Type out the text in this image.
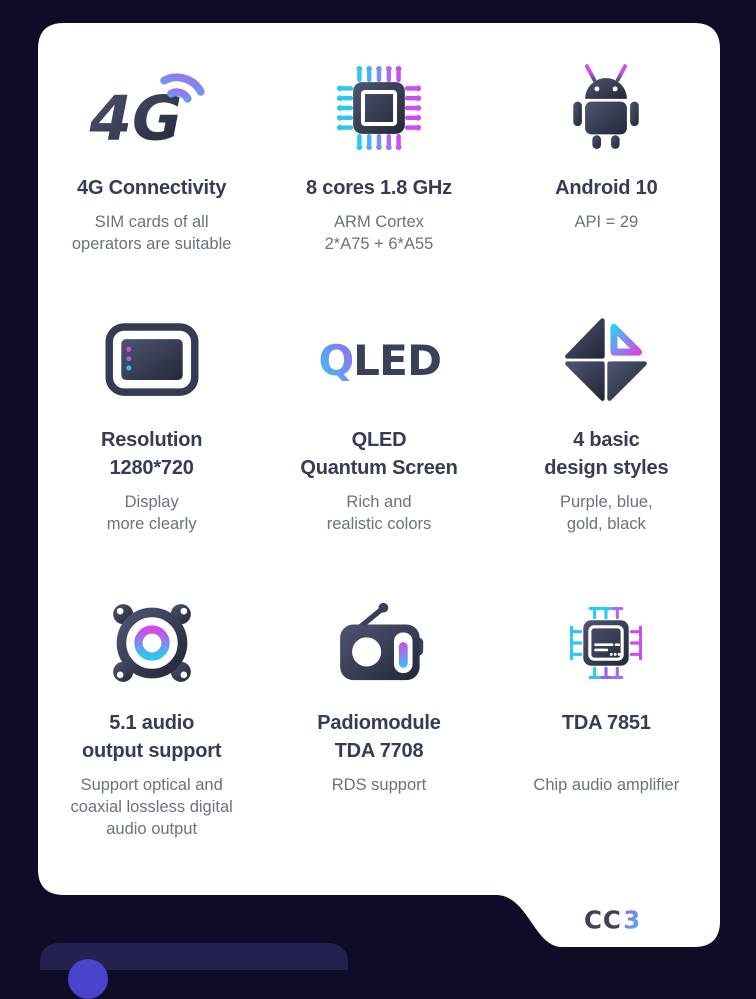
4G
4G Connectivity
SIM cards of all
operators are suitable
8 cores 1.8 GHz
ARM Cortex
2*A75 + 6*A55
Android 10
API = 29
Resolution
1280*720
Display
more clearly
Q
LED
QLED
Quantum Screen
Rich and
realistic colors
4 basic
design styles
Purple, blue,
gold, black
5.1 audio
output support
Support optical and
coaxial lossless digital
audio output
Padiomodule
TDA 7708
RDS support
TDA 7851
Chip audio amplifier
CC 3
